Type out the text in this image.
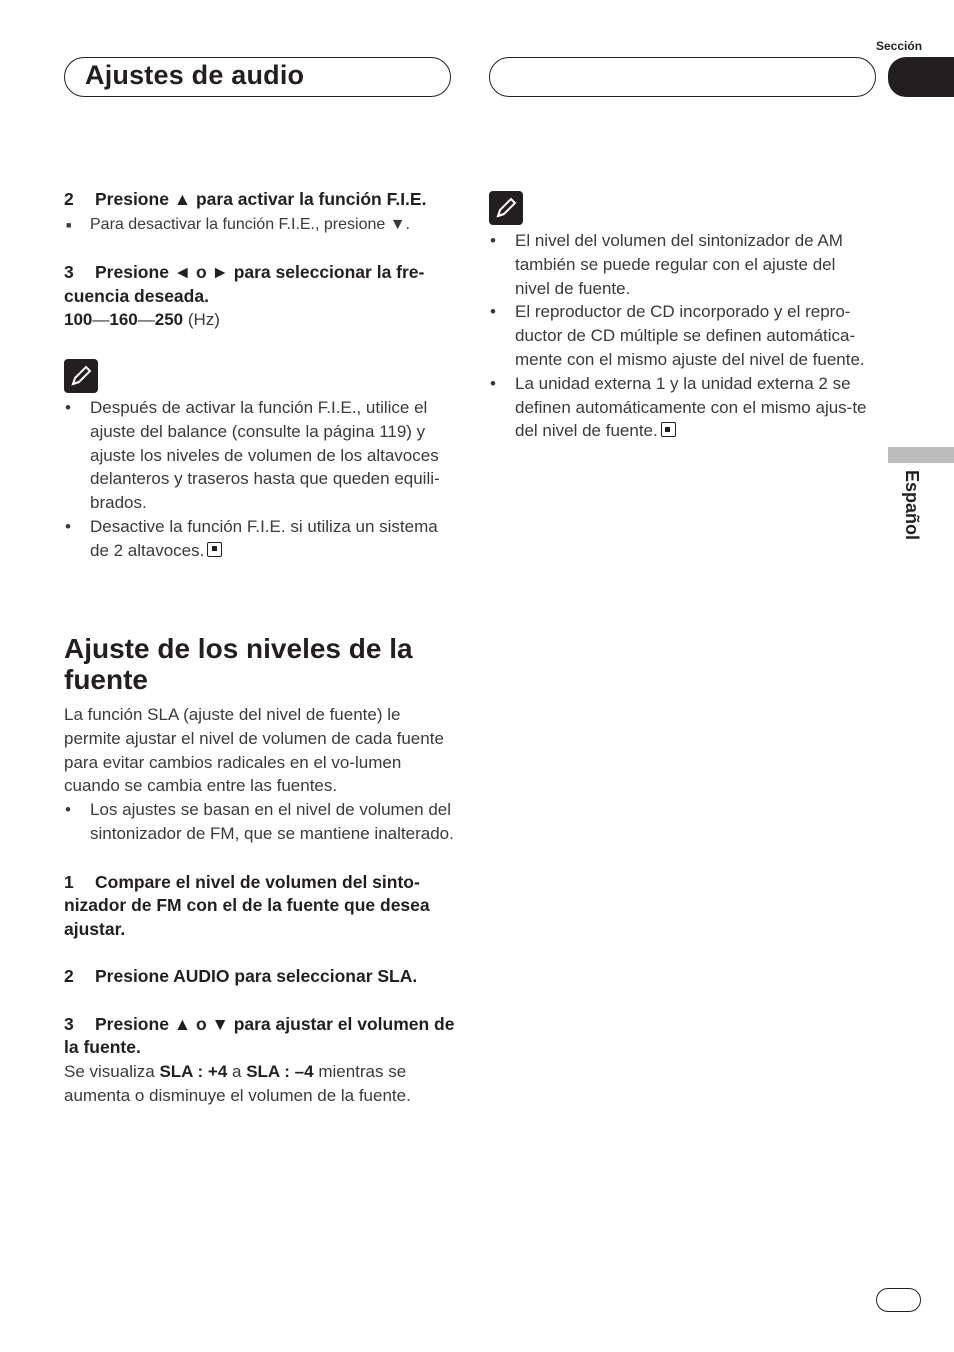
Ajustes de audio
Sección
Español

2 Presione ▲ para activar la función F.I.E.

■ Para desactivar la función F.I.E., presione ▼.

3 Presione ◄ o ► para seleccionar la fre-cuencia deseada.

100—160—250 (Hz)

• Después de activar la función F.I.E., utilice el ajuste del balance (consulte la página 119) y ajuste los niveles de volumen de los altavoces delanteros y traseros hasta que queden equili-brados.
• Desactive la función F.I.E. si utiliza un sistema de 2 altavoces.
Ajuste de los niveles de la fuente

La función SLA (ajuste del nivel de fuente) le permite ajustar el nivel de volumen de cada fuente para evitar cambios radicales en el vo-lumen cuando se cambia entre las fuentes.

• Los ajustes se basan en el nivel de volumen del sintonizador de FM, que se mantiene inalterado.

1 Compare el nivel de volumen del sinto-nizador de FM con el de la fuente que desea ajustar.

2 Presione AUDIO para seleccionar SLA.

3 Presione ▲ o ▼ para ajustar el volumen de la fuente.

Se visualiza SLA : +4 a SLA : –4 mientras se aumenta o disminuye el volumen de la fuente.

• El nivel del volumen del sintonizador de AM también se puede regular con el ajuste del nivel de fuente.
• El reproductor de CD incorporado y el repro-ductor de CD múltiple se definen automática-mente con el mismo ajuste del nivel de fuente.
• La unidad externa 1 y la unidad externa 2 se definen automáticamente con el mismo ajus-te del nivel de fuente.
